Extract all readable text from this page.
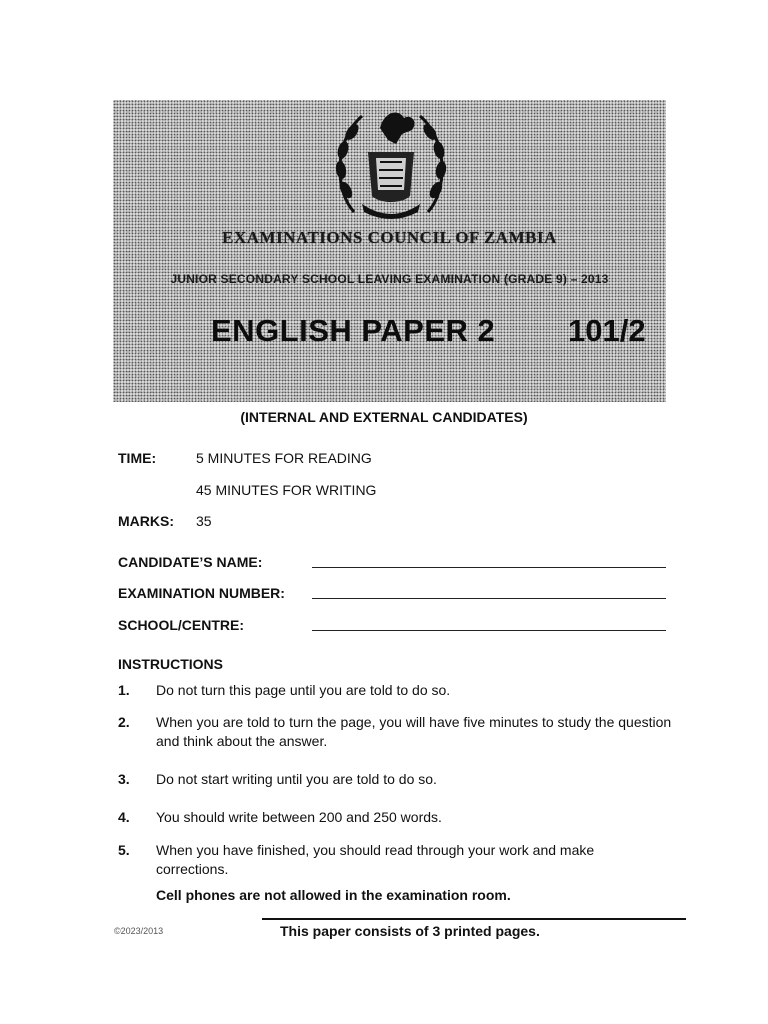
EXAMINATIONS COUNCIL OF ZAMBIA
JUNIOR SECONDARY SCHOOL LEAVING EXAMINATION (GRADE 9) – 2013
ENGLISH PAPER 2 101/2
(INTERNAL AND EXTERNAL CANDIDATES)
TIME:	5 MINUTES FOR READING
45 MINUTES FOR WRITING
MARKS: 35
CANDIDATE’S NAME:
EXAMINATION NUMBER:
SCHOOL/CENTRE:
INSTRUCTIONS
1. Do not turn this page until you are told to do so.
2. When you are told to turn the page, you will have five minutes to study the question and think about the answer.
3. Do not start writing until you are told to do so.
4. You should write between 200 and 250 words.
5. When you have finished, you should read through your work and make corrections.
Cell phones are not allowed in the examination room.
©2023/2013	This paper consists of 3 printed pages.
